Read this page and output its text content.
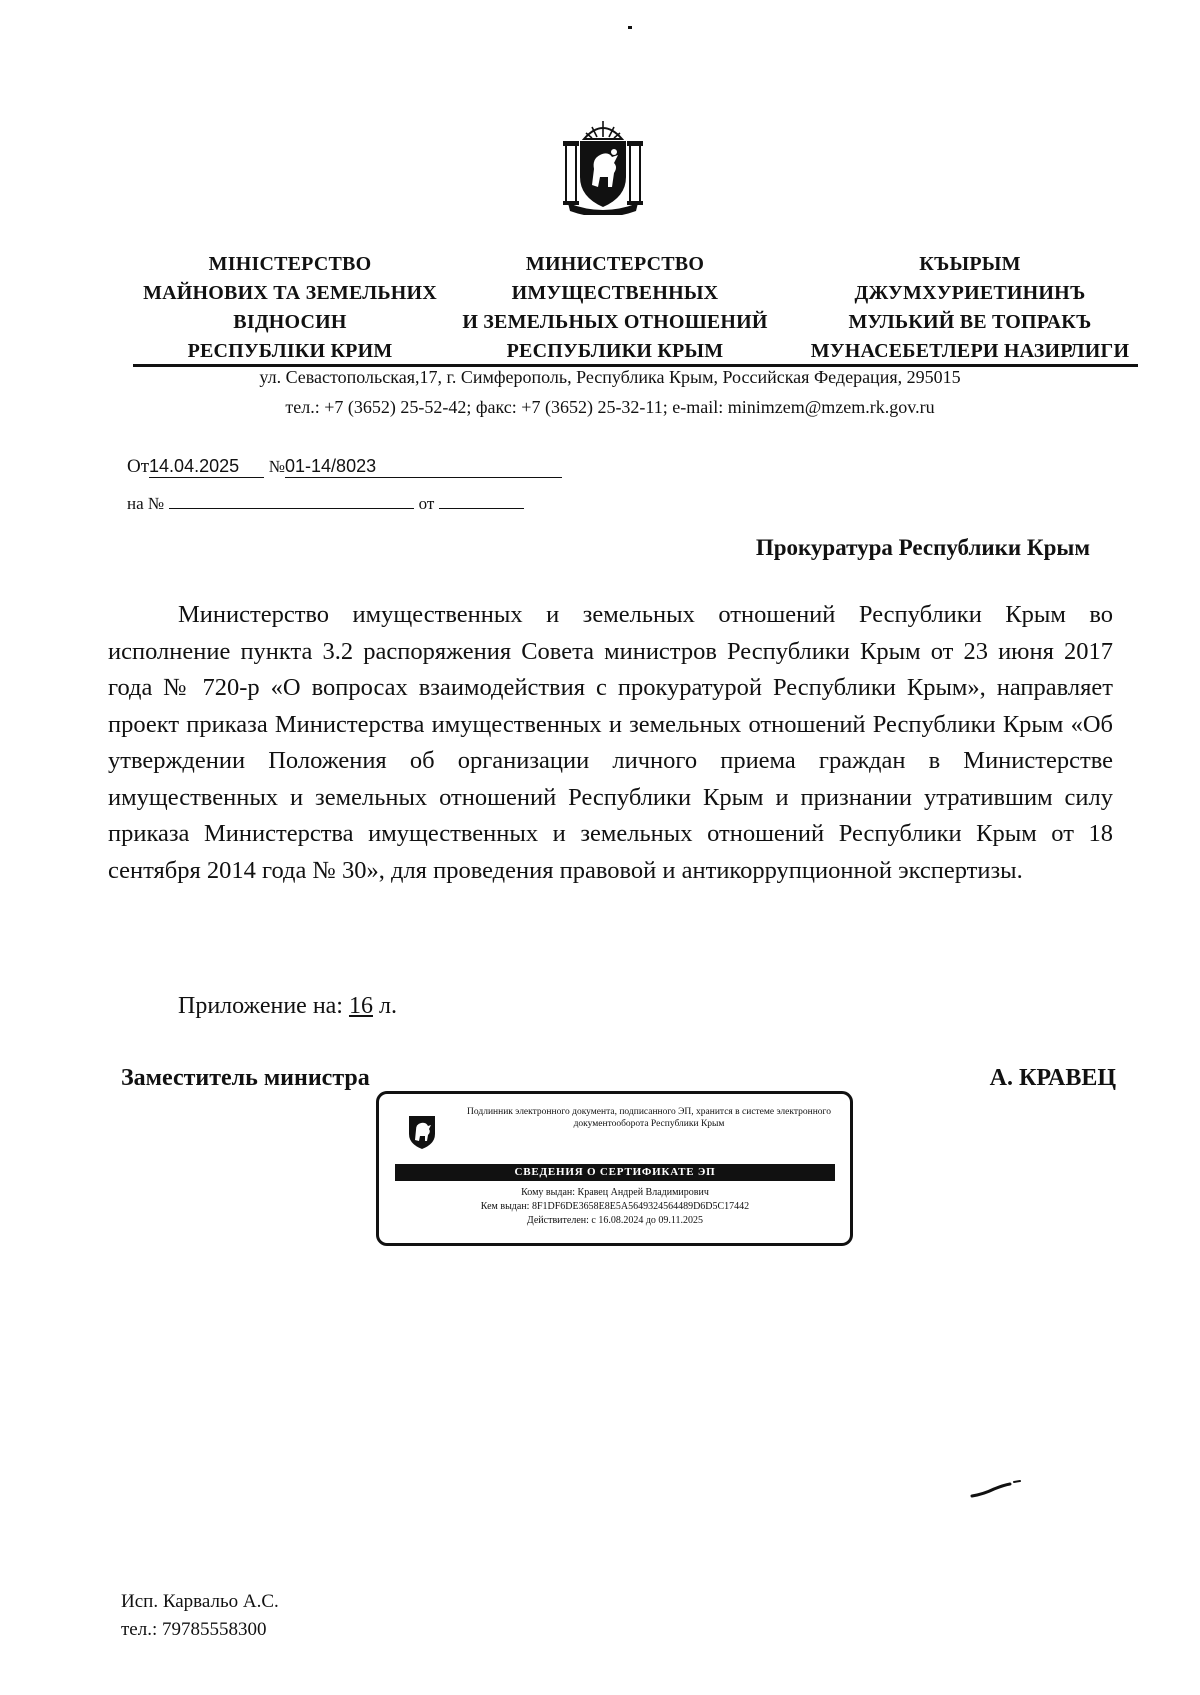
МІНІСТЕРСТВО
МАЙНОВИХ ТА ЗЕМЕЛЬНИХ
ВІДНОСИН
РЕСПУБЛІКИ КРИМ
МИНИСТЕРСТВО
ИМУЩЕСТВЕННЫХ
И ЗЕМЕЛЬНЫХ ОТНОШЕНИЙ
РЕСПУБЛИКИ КРЫМ
КЪЫРЫМ
ДЖУМХУРИЕТИНИНЪ
МУЛЬКИЙ ВЕ ТОПРАКЪ
МУНАСЕБЕТЛЕРИ НАЗИРЛИГИ
ул. Севастопольская,17, г. Симферополь, Республика Крым, Российская Федерация, 295015
тел.: +7 (3652) 25-52-42; факс: +7 (3652) 25-32-11; e-mail: minimzem@mzem.rk.gov.ru
От14.04.2025 №01-14/8023
на №	от
Прокуратура Республики Крым
Министерство имущественных и земельных отношений Республики Крым во исполнение пункта 3.2 распоряжения Совета министров Республики Крым от 23 июня 2017 года № 720-р «О вопросах взаимодействия с прокуратурой Республики Крым», направляет проект приказа Министерства имущественных и земельных отношений Республики Крым «Об утверждении Положения об организации личного приема граждан в Министерстве имущественных и земельных отношений Республики Крым и признании утратившим силу приказа Министерства имущественных и земельных отношений Республики Крым от 18 сентября 2014 года № 30», для проведения правовой и антикоррупционной экспертизы.
Приложение на: 16 л.
Заместитель министра	А. КРАВЕЦ
Подлинник электронного документа, подписанного ЭП, хранится в системе электронного документооборота Республики Крым
СВЕДЕНИЯ О СЕРТИФИКАТЕ ЭП
Кому выдан: Кравец Андрей Владимирович
Кем выдан: 8F1DF6DE3658E8E5A5649324564489D6D5C17442
Действителен: с 16.08.2024 до 09.11.2025
Исп. Карвальо А.С.
тел.: 79785558300
